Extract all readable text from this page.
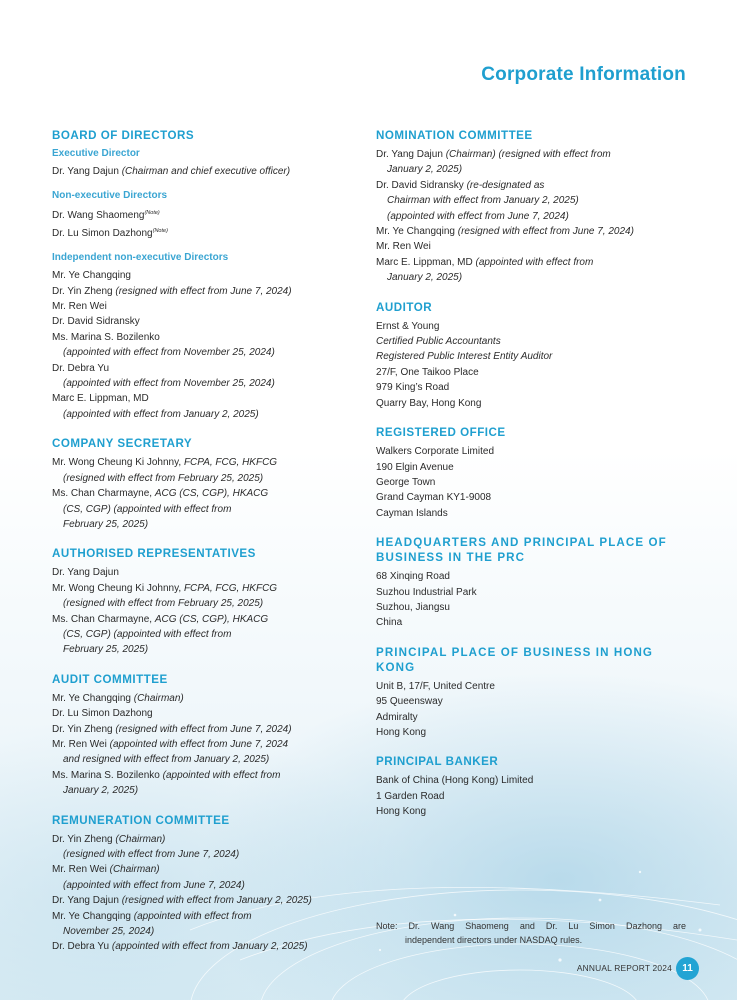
Corporate Information
BOARD OF DIRECTORS
Executive Director

Dr. Yang Dajun (Chairman and chief executive officer)

Non-executive Directors

Dr. Wang Shaomeng$^{(Note)}$

Dr. Lu Simon Dazhong$^{(Note)}$

Independent non-executive Directors

Mr. Ye Changqing

Dr. Yin Zheng (resigned with effect from June 7, 2024)

Mr. Ren Wei

Dr. David Sidransky

Ms. Marina S. Bozilenko

(appointed with effect from November 25, 2024)

Dr. Debra Yu

(appointed with effect from November 25, 2024)

Marc E. Lippman, MD

(appointed with effect from January 2, 2025)

COMPANY SECRETARY

Mr. Wong Cheung Ki Johnny, FCPA, FCG, HKFCG

(resigned with effect from February 25, 2025)

Ms. Chan Charmayne, ACG (CS, CGP), HKACG

(CS, CGP) (appointed with effect from

February 25, 2025)

AUTHORISED REPRESENTATIVES

Dr. Yang Dajun

Mr. Wong Cheung Ki Johnny, FCPA, FCG, HKFCG

(resigned with effect from February 25, 2025)

Ms. Chan Charmayne, ACG (CS, CGP), HKACG

(CS, CGP) (appointed with effect from

February 25, 2025)

AUDIT COMMITTEE

Mr. Ye Changqing (Chairman)

Dr. Lu Simon Dazhong

Dr. Yin Zheng (resigned with effect from June 7, 2024)

Mr. Ren Wei (appointed with effect from June 7, 2024

and resigned with effect from January 2, 2025)

Ms. Marina S. Bozilenko (appointed with effect from

January 2, 2025)

REMUNERATION COMMITTEE

Dr. Yin Zheng (Chairman)

(resigned with effect from June 7, 2024)

Mr. Ren Wei (Chairman)

(appointed with effect from June 7, 2024)

Dr. Yang Dajun (resigned with effect from January 2, 2025)

Mr. Ye Changqing (appointed with effect from

November 25, 2024)

Dr. Debra Yu (appointed with effect from January 2, 2025)

NOMINATION COMMITTEE

Dr. Yang Dajun (Chairman) (resigned with effect from

January 2, 2025)

Dr. David Sidransky (re-designated as

Chairman with effect from January 2, 2025)

(appointed with effect from June 7, 2024)

Mr. Ye Changqing (resigned with effect from June 7, 2024)

Mr. Ren Wei

Marc E. Lippman, MD (appointed with effect from

January 2, 2025)

AUDITOR

Ernst & Young

Certified Public Accountants

Registered Public Interest Entity Auditor

27/F, One Taikoo Place

979 King’s Road

Quarry Bay, Hong Kong

REGISTERED OFFICE

Walkers Corporate Limited

190 Elgin Avenue

George Town

Grand Cayman KY1-9008

Cayman Islands

HEADQUARTERS AND PRINCIPAL PLACE OF
BUSINESS IN THE PRC

68 Xinqing Road

Suzhou Industrial Park

Suzhou, Jiangsu

China

PRINCIPAL PLACE OF BUSINESS IN HONG
KONG

Unit B, 17/F, United Centre

95 Queensway

Admiralty

Hong Kong

PRINCIPAL BANKER

Bank of China (Hong Kong) Limited

1 Garden Road

Hong Kong

Note: Dr. Wang Shaomeng and Dr. Lu Simon Dazhong are
independent directors under NASDAQ rules.
ANNUAL REPORT 2024	11
